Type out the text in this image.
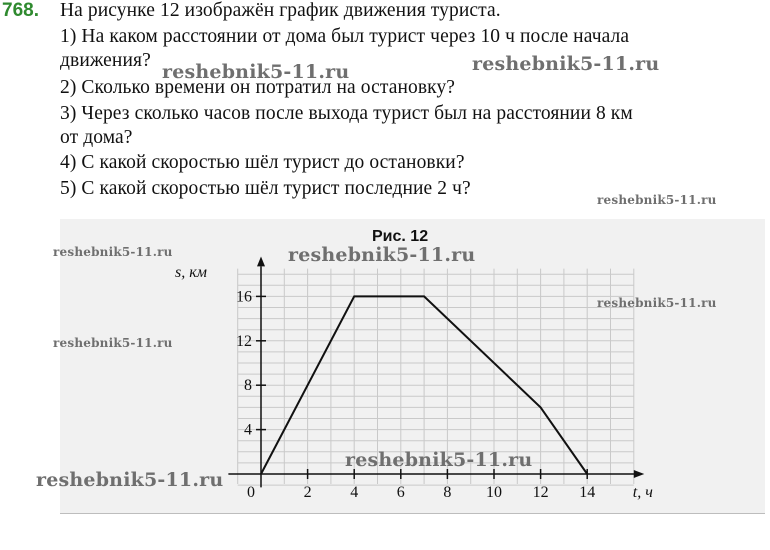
768. На рисунке 12 изображён график движения туриста.
1) На каком расстоянии от дома был турист через 10 ч после начала
движения?
2) Сколько времени он потратил на остановку?
3) Через сколько часов после выхода турист был на расстоянии 8 км
от дома?
4) С какой скоростью шёл турист до остановки?
5) С какой скоростью шёл турист последние 2 ч?
Рис. 12
0	2 4 6 8 10 12 14
4
8
12
16
s, км
t, ч
reshebnik5-11.ru	reshebnik5-11.ru
reshebnik5-11.ru
reshebnik5-11.ru	reshebnik5-11.ru
reshebnik5-11.ru
reshebnik5-11.ru
reshebnik5-11.ru
reshebnik5-11.ru
